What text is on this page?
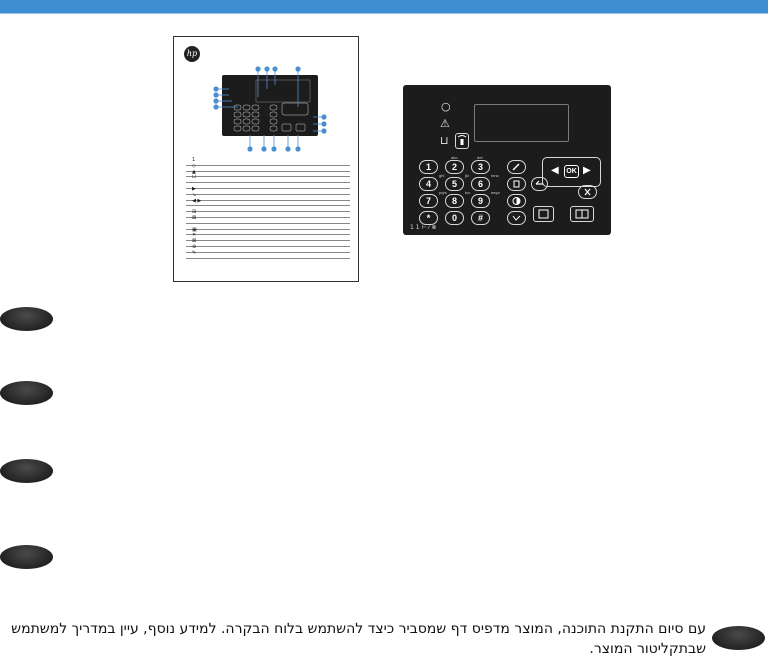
hp
1
◇
▲
⊔
▶
↘
◀ ▶
⊞
⊠
▣
✕
⊠
⊕
✎
○
⚠
⊔
1	2	3
4	5	6
7	8	9
*	0	#
abc	def
ghi	jkl	mno
pqrs	tuv	wxyz
◀	OK ▶
1 1 ⊢ ⁄ ⊗
עם סיום התקנת התוכנה, המוצר מדפיס דף שמסביר כיצד להשתמש בלוח הבקרה. למידע נוסף, עיין במדריך למשתמש שבתקליטור המוצר.
